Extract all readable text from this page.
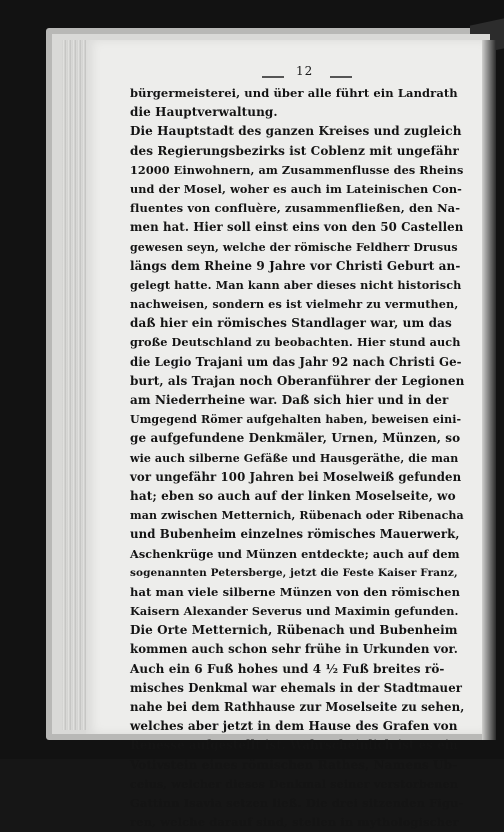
12
bürgermeisterei, und über alle führt ein Landrath
die Hauptverwaltung.
Die Hauptstadt des ganzen Kreises und zugleich
des Regierungsbezirks ist Coblenz mit ungefähr
12000 Einwohnern, am Zusammenflusse des Rheins
und der Mosel, woher es auch im Lateinischen Con-
fluentes von confluère, zusammenfließen, den Na-
men hat. Hier soll einst eins von den 50 Castellen
gewesen seyn, welche der römische Feldherr Drusus
längs dem Rheine 9 Jahre vor Christi Geburt an-
gelegt hatte. Man kann aber dieses nicht historisch
nachweisen, sondern es ist vielmehr zu vermuthen,
daß hier ein römisches Standlager war, um das
große Deutschland zu beobachten. Hier stund auch
die Legio Trajani um das Jahr 92 nach Christi Ge-
burt, als Trajan noch Oberanführer der Legionen
am Niederrheine war. Daß sich hier und in der
Umgegend Römer aufgehalten haben, beweisen eini-
ge aufgefundene Denkmäler, Urnen, Münzen, so
wie auch silberne Gefäße und Hausgeräthe, die man
vor ungefähr 100 Jahren bei Moselweiß gefunden
hat; eben so auch auf der linken Moselseite, wo
man zwischen Metternich, Rübenach oder Ribenacha
und Bubenheim einzelnes römisches Mauerwerk,
Aschenkrüge und Münzen entdeckte; auch auf dem
sogenannten Petersberge, jetzt die Feste Kaiser Franz,
hat man viele silberne Münzen von den römischen
Kaisern Alexander Severus und Maximin gefunden.
Die Orte Metternich, Rübenach und Bubenheim
kommen auch schon sehr frühe in Urkunden vor.
Auch ein 6 Fuß hohes und 4 ½ Fuß breites rö-
misches Denkmal war ehemals in der Stadtmauer
nahe bei dem Rathhause zur Moselseite zu sehen,
welches aber jetzt in dem Hause des Grafen von
Renesse aufgestellt ist. Wahrscheinlich ist es ein
Votivstein eines römischen Rathes, Namens Ub-
ceius, welcher dieses Denkmal seiner verstorbenen
Gattinn Isavia setzen ließ. Die drei sitzenden Figu-
ren, welche darauf sind, stellen in mythologischer
